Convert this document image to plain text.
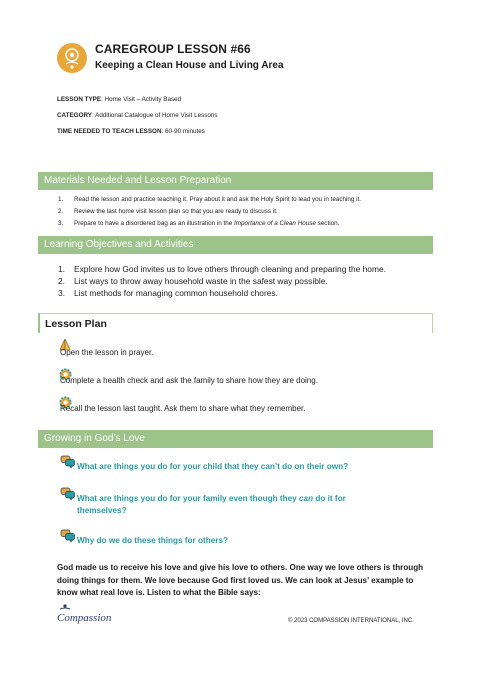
CAREGROUP LESSON #66
Keeping a Clean House and Living Area
LESSON TYPE: Home Visit – Activity Based
CATEGORY: Additional Catalogue of Home Visit Lessons
TIME NEEDED TO TEACH LESSON: 60-90 minutes
Materials Needed and Lesson Preparation
1. Read the lesson and practice teaching it. Pray about it and ask the Holy Spirit to lead you in teaching it.
2. Review the last home visit lesson plan so that you are ready to discuss it.
3. Prepare to have a disordered bag as an illustration in the Importance of a Clean House section.
Learning Objectives and Activities
1. Explore how God invites us to love others through cleaning and preparing the home.
2. List ways to throw away household waste in the safest way possible.
3. List methods for managing common household chores.
Lesson Plan
Open the lesson in prayer.
Complete a health check and ask the family to share how they are doing.
Recall the lesson last taught. Ask them to share what they remember.
Growing in God’s Love
What are things you do for your child that they can’t do on their own?
What are things you do for your family even though they can do it for
themselves?
Why do we do these things for others?
God made us to receive his love and give his love to others. One way we love others is through doing things for them. We love because God first loved us. We can look at Jesus’ example to know what real love is. Listen to what the Bible says:
Compassion	© 2023 COMPASSION INTERNATIONAL, INC.
